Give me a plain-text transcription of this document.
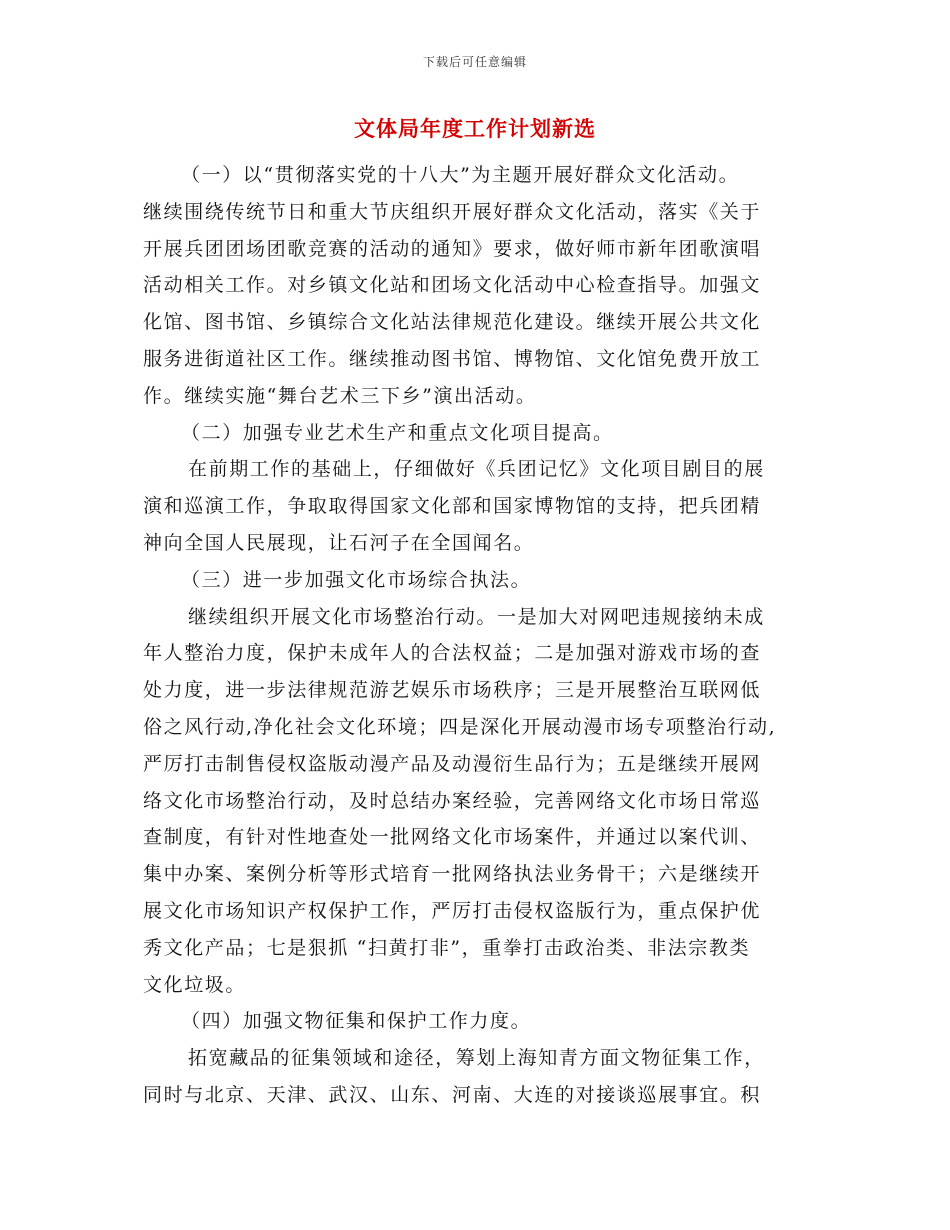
下载后可任意编辑
文体局年度工作计划新选
（一）以“贯彻落实党的十八大”为主题开展好群众文化活动。
继续围绕传统节日和重大节庆组织开展好群众文化活动，落实《关于
开展兵团团场团歌竞赛的活动的通知》要求，做好师市新年团歌演唱
活动相关工作。对乡镇文化站和团场文化活动中心检查指导。加强文
化馆、图书馆、乡镇综合文化站法律规范化建设。继续开展公共文化
服务进街道社区工作。继续推动图书馆、博物馆、文化馆免费开放工
作。继续实施“舞台艺术三下乡”演出活动。
（二）加强专业艺术生产和重点文化项目提高。
在前期工作的基础上，仔细做好《兵团记忆》文化项目剧目的展
演和巡演工作，争取取得国家文化部和国家博物馆的支持，把兵团精
神向全国人民展现，让石河子在全国闻名。
（三）进一步加强文化市场综合执法。
继续组织开展文化市场整治行动。一是加大对网吧违规接纳未成
年人整治力度，保护未成年人的合法权益；二是加强对游戏市场的查
处力度，进一步法律规范游艺娱乐市场秩序；三是开展整治互联网低
俗之风行动,净化社会文化环境；四是深化开展动漫市场专项整治行动,
严厉打击制售侵权盗版动漫产品及动漫衍生品行为；五是继续开展网
络文化市场整治行动，及时总结办案经验，完善网络文化市场日常巡
查制度，有针对性地查处一批网络文化市场案件，并通过以案代训、
集中办案、案例分析等形式培育一批网络执法业务骨干；六是继续开
展文化市场知识产权保护工作，严厉打击侵权盗版行为，重点保护优
秀文化产品；七是狠抓 “扫黄打非”，重拳打击政治类、非法宗教类
文化垃圾。
（四）加强文物征集和保护工作力度。
拓宽藏品的征集领域和途径，筹划上海知青方面文物征集工作，
同时与北京、天津、武汉、山东、河南、大连的对接谈巡展事宜。积
